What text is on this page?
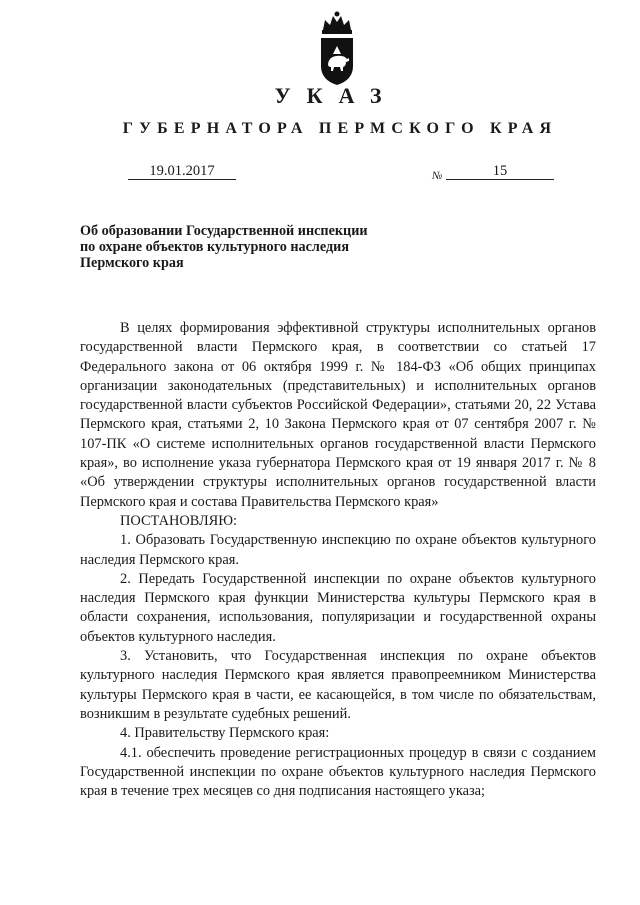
УКАЗ
ГУБЕРНАТОРА ПЕРМСКОГО КРАЯ
19.01.2017	№	15
Об образовании Государственной инспекции по охране объектов культурного наследия Пермского края

В целях формирования эффективной структуры исполнительных органов государственной власти Пермского края, в соответствии со статьей 17 Федерального закона от 06 октября 1999 г. № 184-ФЗ «Об общих принципах организации законодательных (представительных) и исполнительных органов государственной власти субъектов Российской Федерации», статьями 20, 22 Устава Пермского края, статьями 2, 10 Закона Пермского края от 07 сентября 2007 г. № 107-ПК «О системе исполнительных органов государственной власти Пермского края», во исполнение указа губернатора Пермского края от 19 января 2017 г. № 8 «Об утверждении структуры исполнительных органов государственной власти Пермского края и состава Правительства Пермского края»

ПОСТАНОВЛЯЮ:

1. Образовать Государственную инспекцию по охране объектов культурного наследия Пермского края.

2. Передать Государственной инспекции по охране объектов культурного наследия Пермского края функции Министерства культуры Пермского края в области сохранения, использования, популяризации и государственной охраны объектов культурного наследия.

3. Установить, что Государственная инспекция по охране объектов культурного наследия Пермского края является правопреемником Министерства культуры Пермского края в части, ее касающейся, в том числе по обязательствам, возникшим в результате судебных решений.

4. Правительству Пермского края:

4.1. обеспечить проведение регистрационных процедур в связи с созданием Государственной инспекции по охране объектов культурного наследия Пермского края в течение трех месяцев со дня подписания настоящего указа;
